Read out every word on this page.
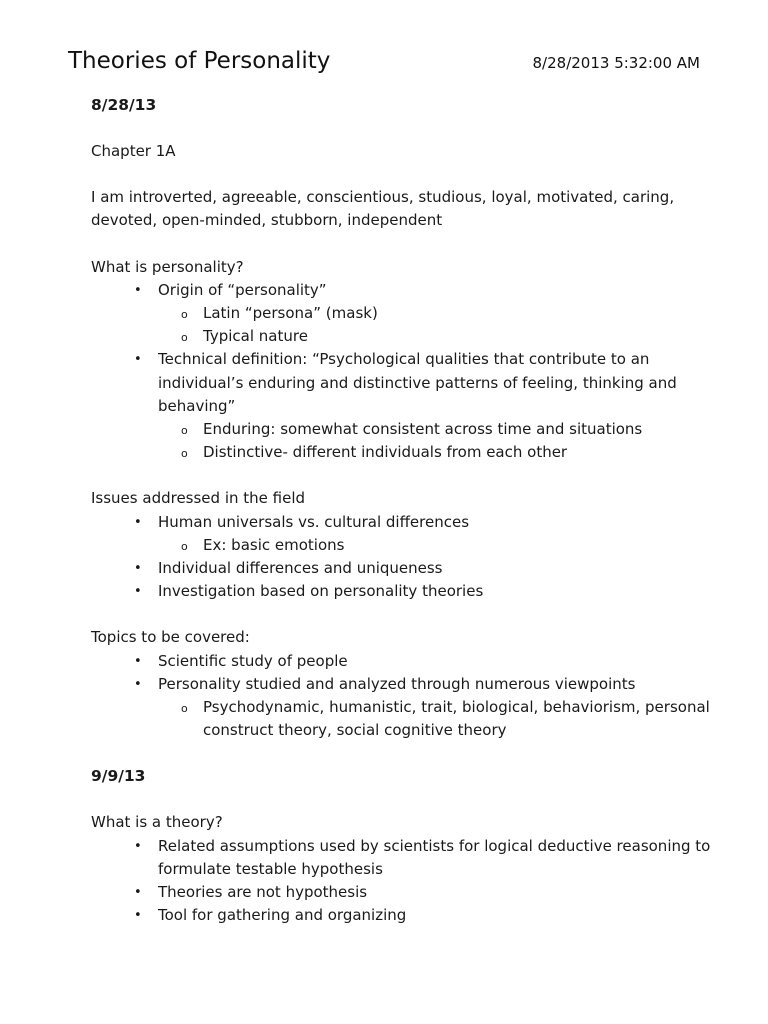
Theories of Personality	8/28/2013 5:32:00 AM
8/28/13
Chapter 1A
I am introverted, agreeable, conscientious, studious, loyal, motivated, caring, devoted, open-minded, stubborn, independent
What is personality?
• Origin of “personality”
o Latin “persona” (mask)
o Typical nature
• Technical definition: “Psychological qualities that contribute to an individual’s enduring and distinctive patterns of feeling, thinking and behaving”
o Enduring: somewhat consistent across time and situations
o Distinctive- different individuals from each other
Issues addressed in the field
• Human universals vs. cultural differences
o Ex: basic emotions
• Individual differences and uniqueness
• Investigation based on personality theories
Topics to be covered:
• Scientific study of people
• Personality studied and analyzed through numerous viewpoints
o Psychodynamic, humanistic, trait, biological, behaviorism, personal construct theory, social cognitive theory
9/9/13
What is a theory?
• Related assumptions used by scientists for logical deductive reasoning to formulate testable hypothesis
• Theories are not hypothesis
• Tool for gathering and organizing
